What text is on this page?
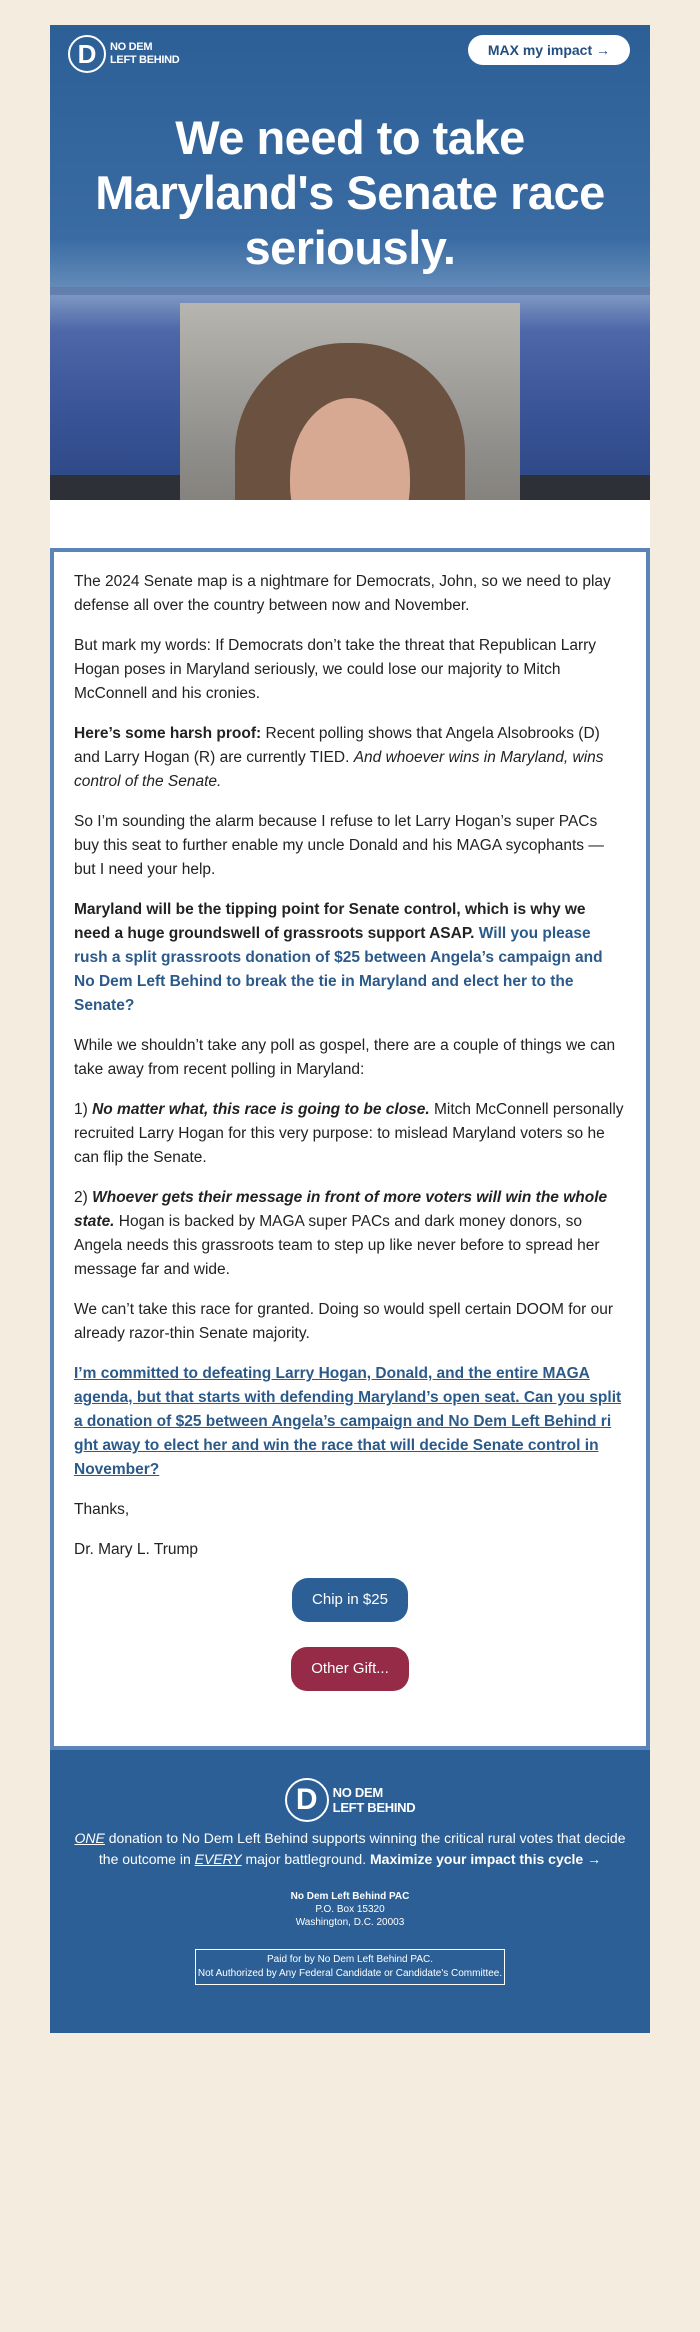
D	NO DEM
LEFT BEHIND
MAX my impact →
We need to take Maryland's Senate race seriously.

The 2024 Senate map is a nightmare for Democrats, John, so we need to play defense all over the country between now and November.

But mark my words: If Democrats don’t take the threat that Republican Larry Hogan poses in Maryland seriously, we could lose our majority to Mitch McConnell and his cronies.

Here’s some harsh proof: Recent polling shows that Angela Alsobrooks (D) and Larry Hogan (R) are currently TIED. And whoever wins in Maryland, wins control of the Senate.

So I’m sounding the alarm because I refuse to let Larry Hogan’s super PACs buy this seat to further enable my uncle Donald and his MAGA sycophants — but I need your help.

Maryland will be the tipping point for Senate control, which is why we need a huge groundswell of grassroots support ASAP. Will you please rush a split grassroots donation of $25 between Angela’s campaign and No Dem Left Behind to break the tie in Maryland and elect her to the Senate?

While we shouldn’t take any poll as gospel, there are a couple of things we can take away from recent polling in Maryland:

1) No matter what, this race is going to be close. Mitch McConnell personally recruited Larry Hogan for this very purpose: to mislead Maryland voters so he can flip the Senate.

2) Whoever gets their message in front of more voters will win the whole state. Hogan is backed by MAGA super PACs and dark money donors, so Angela needs this grassroots team to step up like never before to spread her message far and wide.

We can’t take this race for granted. Doing so would spell certain DOOM for our already razor-thin Senate majority.

I’m committed to defeating Larry Hogan, Donald, and the entire MAGA agenda, but that starts with defending Maryland’s open seat. Can you split a donation of $25 between Angela’s campaign and No Dem Left Behind ri ght away to elect her and win the race that will decide Senate control in November?

Thanks,

Dr. Mary L. Trump

Chip in $25
Other Gift...
D	NO DEM
LEFT BEHIND
ONE donation to No Dem Left Behind supports winning the critical rural votes that decide the outcome in EVERY major battleground. Maximize your impact this cycle →
No Dem Left Behind PAC
P.O. Box 15320
Washington, D.C. 20003
Paid for by No Dem Left Behind PAC.
Not Authorized by Any Federal Candidate or Candidate's Committee.
